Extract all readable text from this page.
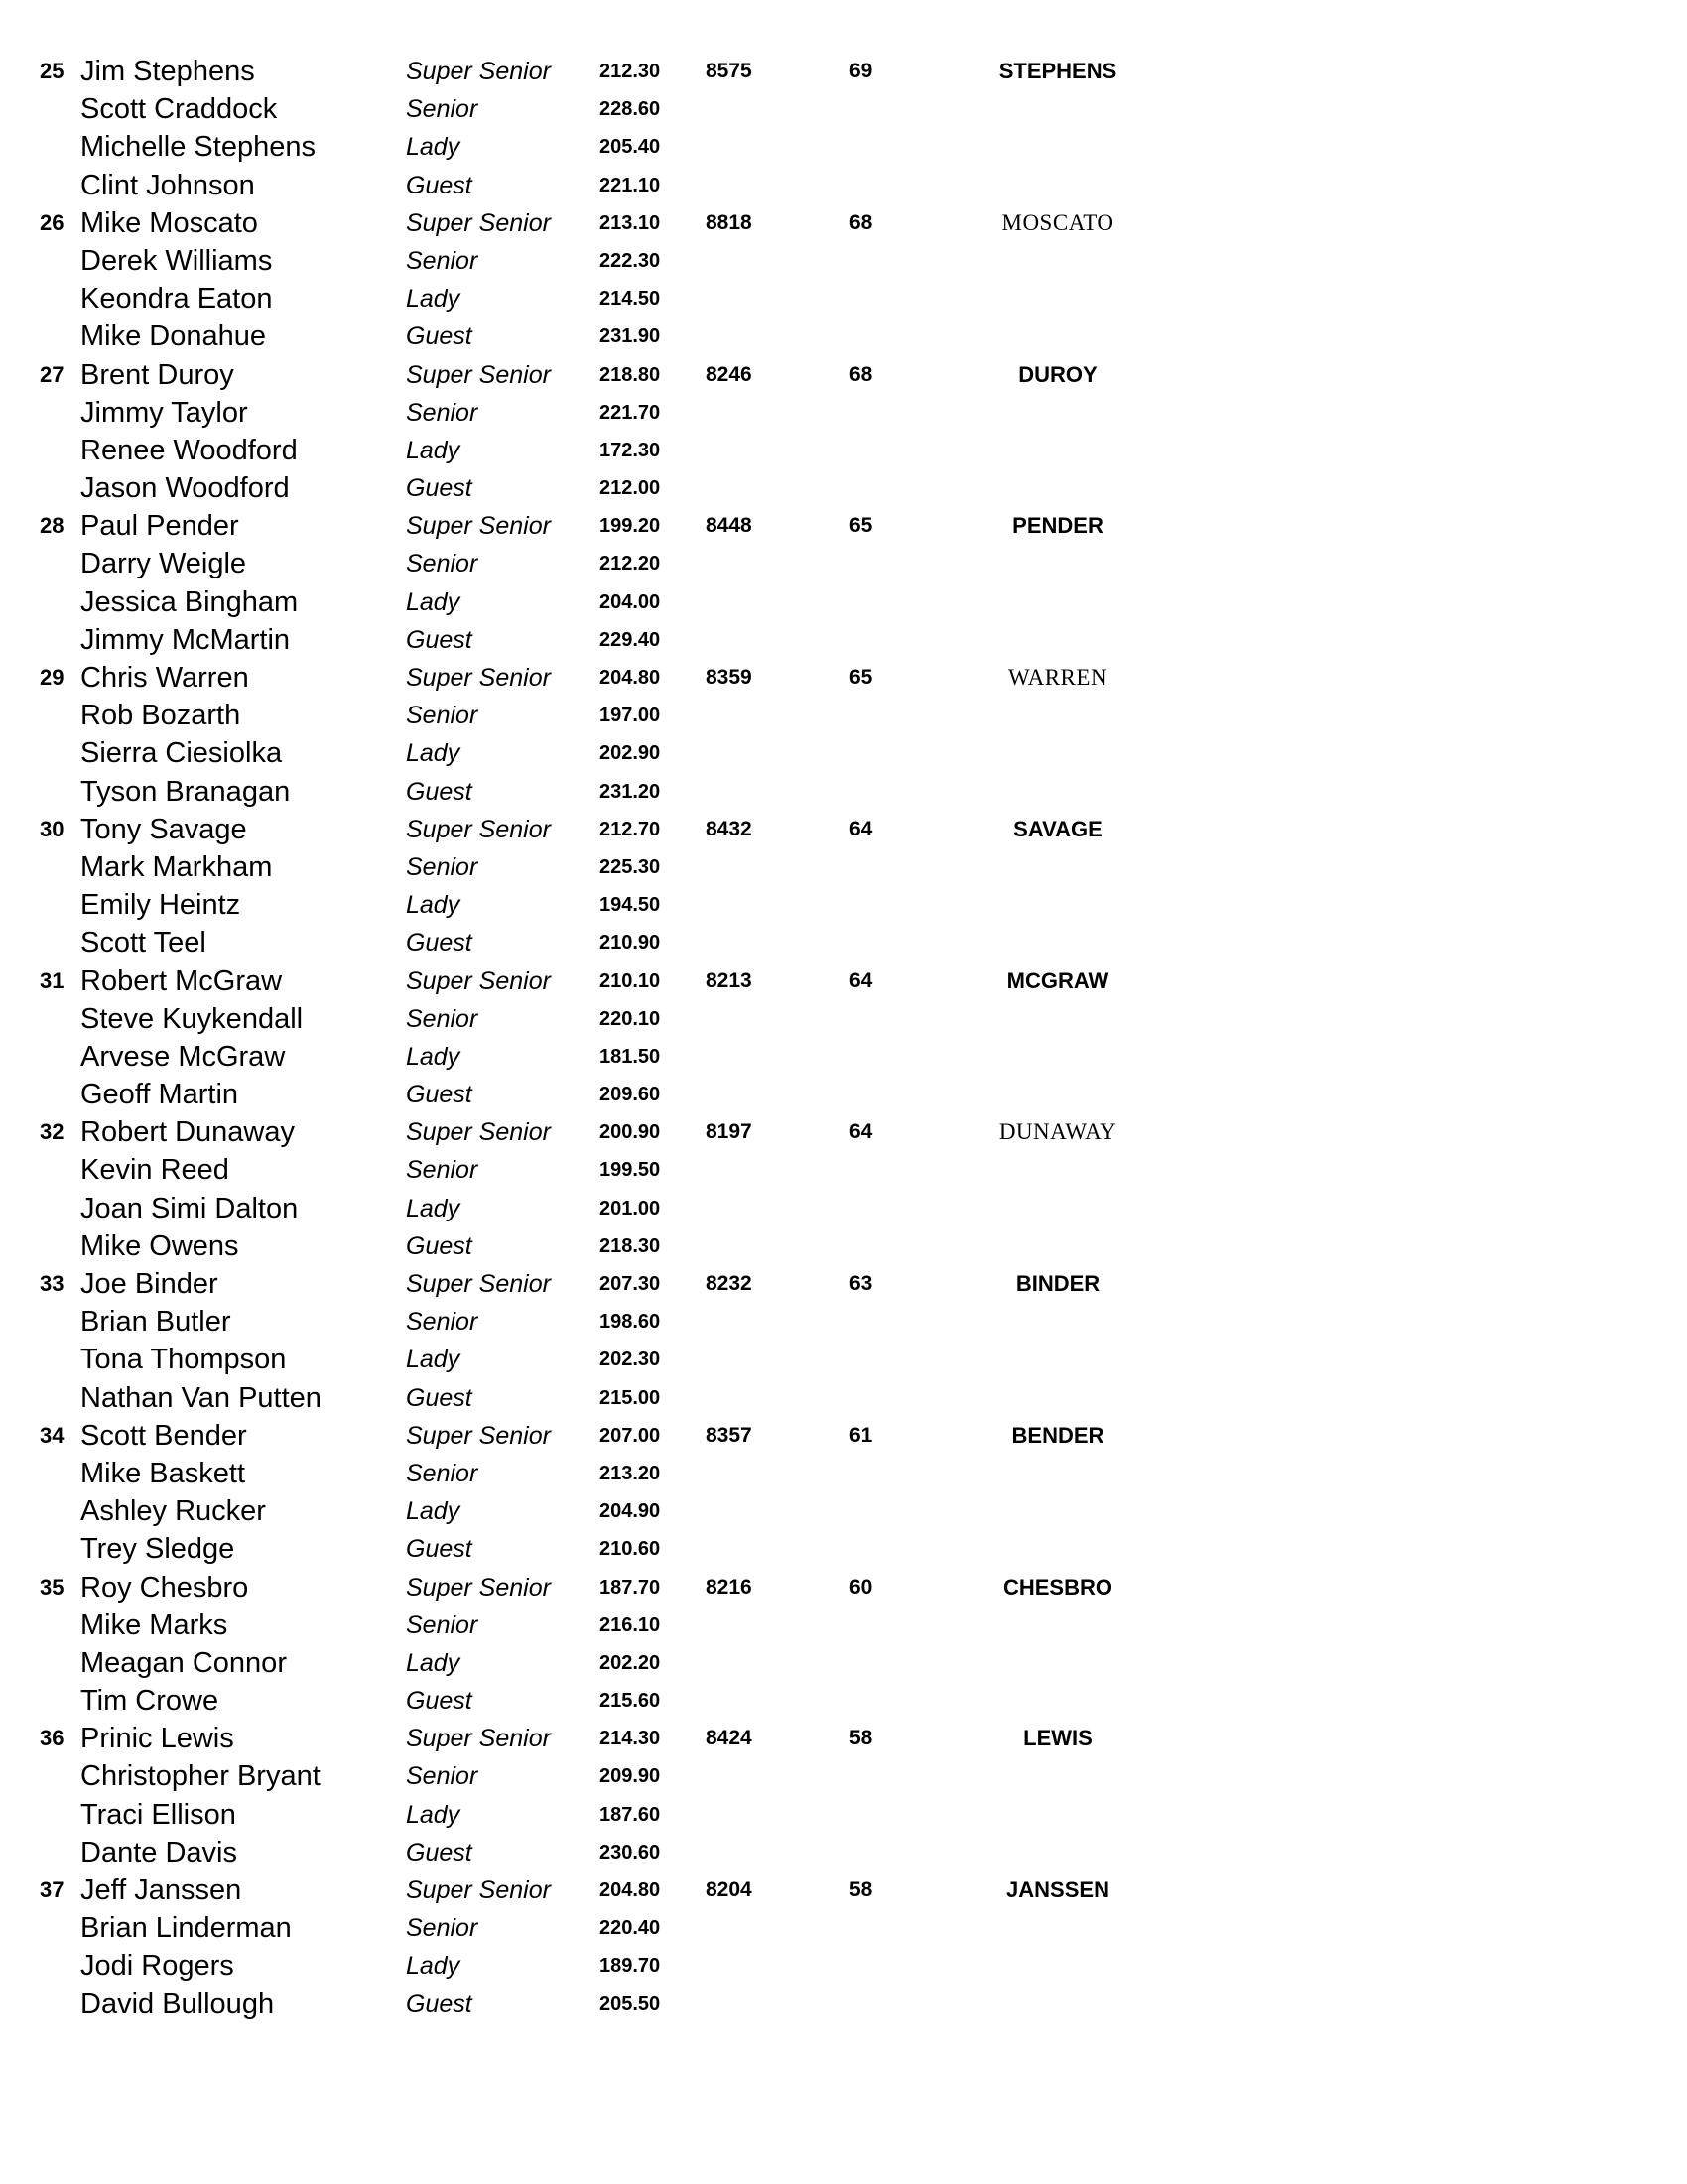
25 Jim Stephens	Super Senior 212.30 8575	69	STEPHENS
Scott Craddock	Senior	228.60
Michelle Stephens	Lady	205.40
Clint Johnson	Guest	221.10
26 Mike Moscato	Super Senior 213.10 8818	68	MOSCATO
Derek Williams	Senior	222.30
Keondra Eaton	Lady	214.50
Mike Donahue	Guest	231.90
27 Brent Duroy	Super Senior 218.80 8246	68	DUROY
Jimmy Taylor	Senior	221.70
Renee Woodford	Lady	172.30
Jason Woodford	Guest	212.00
28 Paul Pender	Super Senior 199.20 8448	65	PENDER
Darry Weigle	Senior	212.20
Jessica Bingham	Lady	204.00
Jimmy McMartin	Guest	229.40
29 Chris Warren	Super Senior 204.80 8359	65	WARREN
Rob Bozarth	Senior	197.00
Sierra Ciesiolka	Lady	202.90
Tyson Branagan	Guest	231.20
30 Tony Savage	Super Senior 212.70 8432	64	SAVAGE
Mark Markham	Senior	225.30
Emily Heintz	Lady	194.50
Scott Teel	Guest	210.90
31 Robert McGraw	Super Senior 210.10 8213	64	MCGRAW
Steve Kuykendall	Senior	220.10
Arvese McGraw	Lady	181.50
Geoff Martin	Guest	209.60
32 Robert Dunaway	Super Senior 200.90 8197	64	DUNAWAY
Kevin Reed	Senior	199.50
Joan Simi Dalton	Lady	201.00
Mike Owens	Guest	218.30
33 Joe Binder	Super Senior 207.30 8232	63	BINDER
Brian Butler	Senior	198.60
Tona Thompson	Lady	202.30
Nathan Van Putten	Guest	215.00
34 Scott Bender	Super Senior 207.00 8357	61	BENDER
Mike Baskett	Senior	213.20
Ashley Rucker	Lady	204.90
Trey Sledge	Guest	210.60
35 Roy Chesbro	Super Senior 187.70 8216	60	CHESBRO
Mike Marks	Senior	216.10
Meagan Connor	Lady	202.20
Tim Crowe	Guest	215.60
36 Prinic Lewis	Super Senior 214.30 8424	58	LEWIS
Christopher Bryant	Senior	209.90
Traci Ellison	Lady	187.60
Dante Davis	Guest	230.60
37 Jeff Janssen	Super Senior 204.80 8204	58	JANSSEN
Brian Linderman	Senior	220.40
Jodi Rogers	Lady	189.70
David Bullough	Guest	205.50
